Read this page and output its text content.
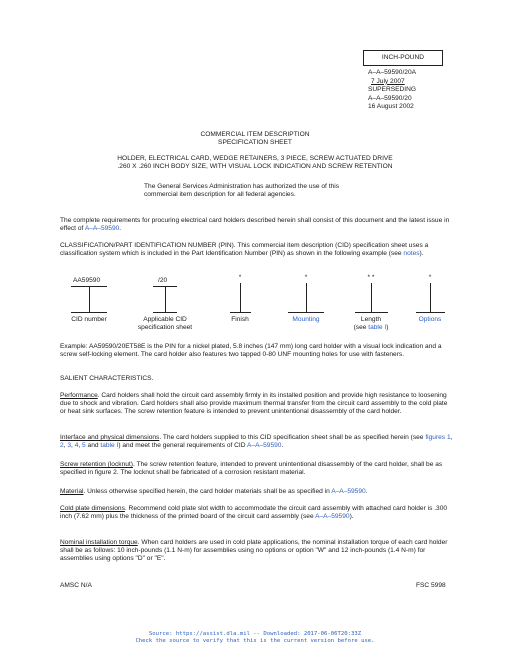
INCH-POUND
A–A–59590/20A
7 July 2007
SUPERSEDING
A–A–59590/20
16 August 2002
COMMERCIAL ITEM DESCRIPTION
SPECIFICATION SHEET
HOLDER, ELECTRICAL CARD, WEDGE RETAINERS, 3 PIECE, SCREW ACTUATED DRIVE
.260 X .260 INCH BODY SIZE, WITH VISUAL LOCK INDICATION AND SCREW RETENTION
The General Services Administration has authorized the use of this
commercial item description for all federal agencies.

The complete requirements for procuring electrical card holders described herein shall consist of this document and the latest issue in effect of A–A–59590.

CLASSIFICATION/PART IDENTIFICATION NUMBER (PIN). This commercial item description (CID) specification sheet uses a classification system which is included in the Part Identification Number (PIN) as shown in the following example (see notes).

AA59590
CID number
/20
Applicable CID
specification sheet
*
Finish
*
Mounting
* *
Length
(see table I)
*
Options

Example: AA59590/20ET58E is the PIN for a nickel plated, 5.8 inches (147 mm) long card holder with a visual lock indication and a screw self-locking element. The card holder also features two tapped 0-80 UNF mounting holes for use with fasteners.

SALIENT CHARACTERISTICS.

Performance. Card holders shall hold the circuit card assembly firmly in its installed position and provide high resistance to loosening due to shock and vibration. Card holders shall also provide maximum thermal transfer from the circuit card assembly to the cold plate or heat sink surfaces. The screw retention feature is intended to prevent unintentional disassembly of the card holder.

Interface and physical dimensions. The card holders supplied to this CID specification sheet shall be as specified herein (see figures 1, 2, 3, 4, 5 and table I) and meet the general requirements of CID A–A–59590.

Screw retention (locknut). The screw retention feature, intended to prevent unintentional disassembly of the card holder, shall be as specified in figure 2. The locknut shall be fabricated of a corrosion resistant material.

Material. Unless otherwise specified herein, the card holder materials shall be as specified in A–A–59590.

Cold plate dimensions. Recommend cold plate slot width to accommodate the circuit card assembly with attached card holder is .300 inch (7.62 mm) plus the thickness of the printed board of the circuit card assembly (see A–A–59590).

Nominal installation torque. When card holders are used in cold plate applications, the nominal installation torque of each card holder shall be as follows: 10 inch-pounds (1.1 N-m) for assemblies using no options or option "W" and 12 inch-pounds (1.4 N-m) for assemblies using options "D" or "E".

AMSC N/A	FSC 5998
Source: https://assist.dla.mil -- Downloaded: 2017-06-06T20:33Z
Check the source to verify that this is the current version before use.
